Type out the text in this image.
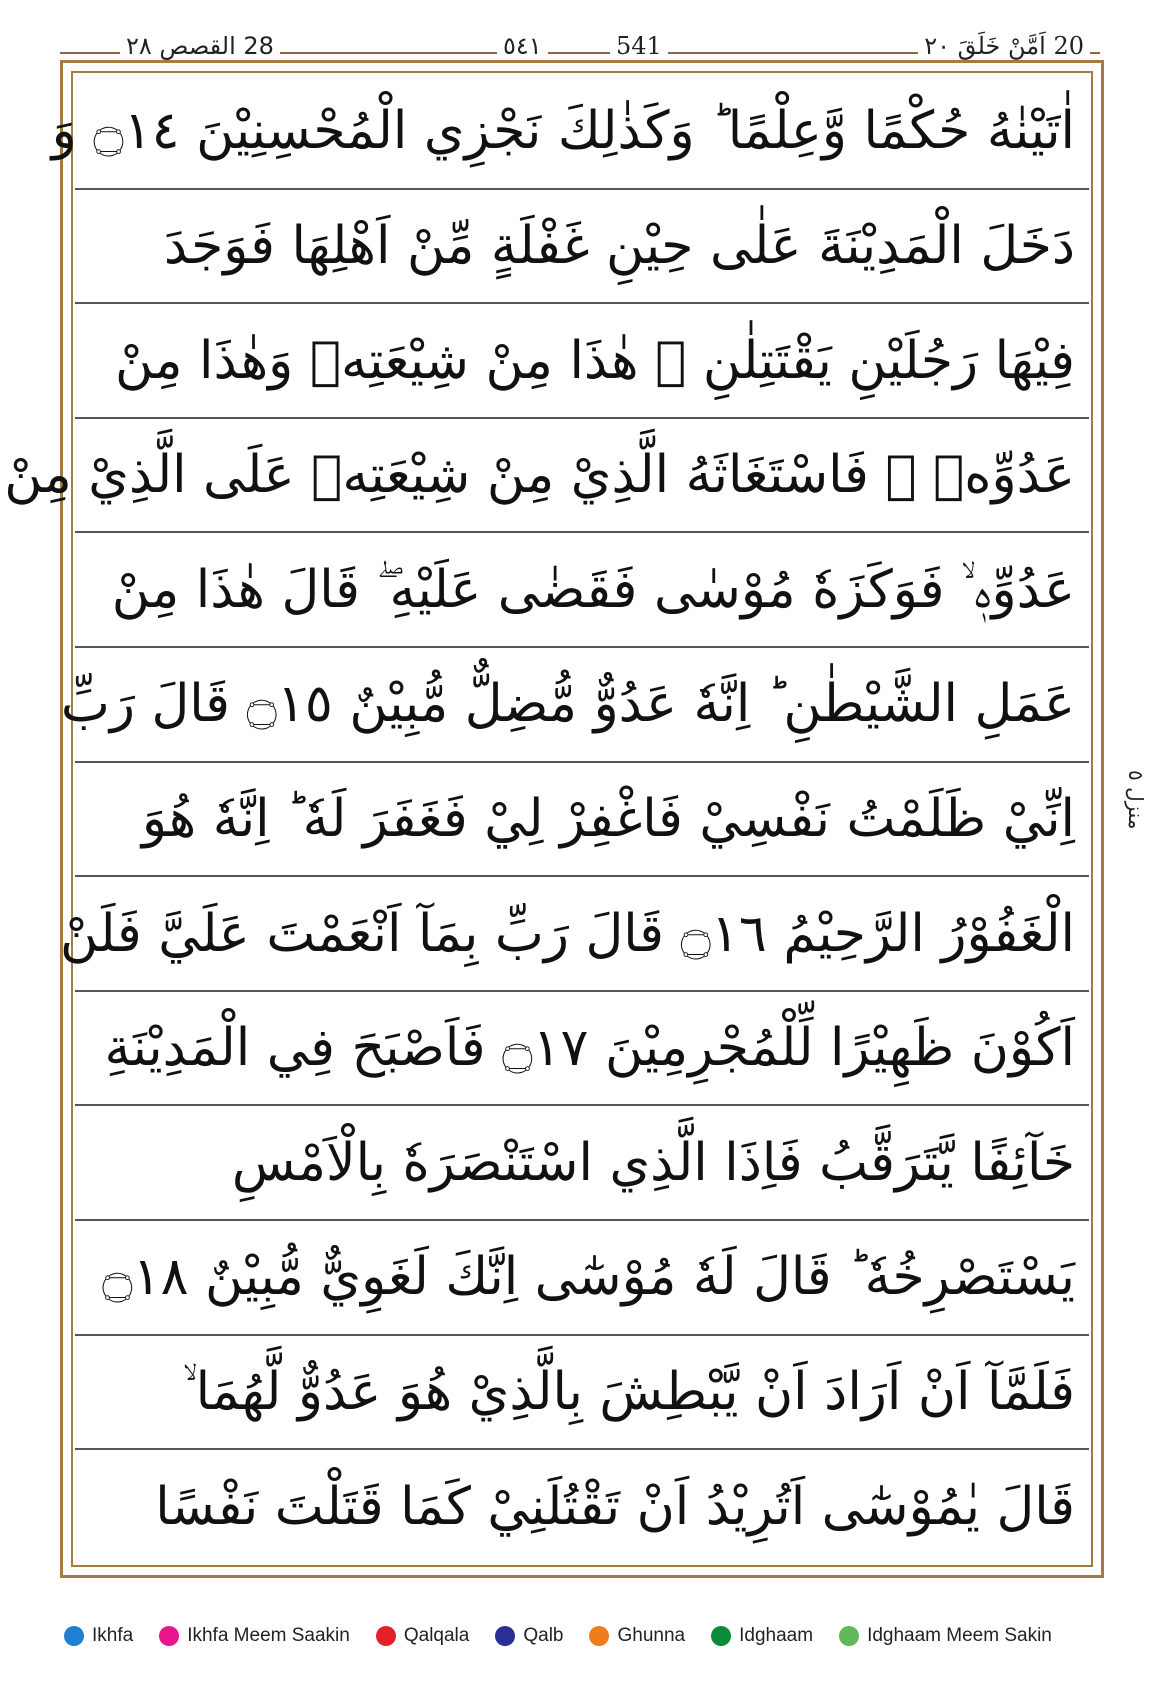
20 اَمَّنْ خَلَقَ ٢٠
٥٤١	541
28 القصص ٢٨
اٰتَيْنٰهُ حُكْمًا وَّعِلْمًا ؕ وَكَذٰلِكَ نَجْزِي الْمُحْسِنِيْنَ ۝١٤ وَ
دَخَلَ الْمَدِيْنَةَ عَلٰى حِيْنِ غَفْلَةٍ مِّنْ اَهْلِهَا فَوَجَدَ
فِيْهَا رَجُلَيْنِ يَقْتَتِلٰنِ ۙ هٰذَا مِنْ شِيْعَتِهٖ وَهٰذَا مِنْ
عَدُوِّهٖ ۚ فَاسْتَغَاثَهُ الَّذِيْ مِنْ شِيْعَتِهٖ عَلَى الَّذِيْ مِنْ
عَدُوِّهٖ ۙ فَوَكَزَهٗ مُوْسٰى فَقَضٰى عَلَيْهِ ۖ قَالَ هٰذَا مِنْ
عَمَلِ الشَّيْطٰنِ ؕ اِنَّهٗ عَدُوٌّ مُّضِلٌّ مُّبِيْنٌ ۝١٥ قَالَ رَبِّ
اِنِّيْ ظَلَمْتُ نَفْسِيْ فَاغْفِرْ لِيْ فَغَفَرَ لَهٗ ؕ اِنَّهٗ هُوَ
الْغَفُوْرُ الرَّحِيْمُ ۝١٦ قَالَ رَبِّ بِمَآ اَنْعَمْتَ عَلَيَّ فَلَنْ
اَكُوْنَ ظَهِيْرًا لِّلْمُجْرِمِيْنَ ۝١٧ فَاَصْبَحَ فِي الْمَدِيْنَةِ
خَآئِفًا يَّتَرَقَّبُ فَاِذَا الَّذِي اسْتَنْصَرَهٗ بِالْاَمْسِ
يَسْتَصْرِخُهٗ ؕ قَالَ لَهٗ مُوْسٰٓى اِنَّكَ لَغَوِيٌّ مُّبِيْنٌ ۝١٨
فَلَمَّآ اَنْ اَرَادَ اَنْ يَّبْطِشَ بِالَّذِيْ هُوَ عَدُوٌّ لَّهُمَا ۙ
قَالَ يٰمُوْسٰٓى اَتُرِيْدُ اَنْ تَقْتُلَنِيْ كَمَا قَتَلْتَ نَفْسًا
منزل ٥
Ikhfa	Ikhfa Meem Saakin	Qalqala	Qalb	Ghunna	Idghaam	Idghaam Meem Sakin
